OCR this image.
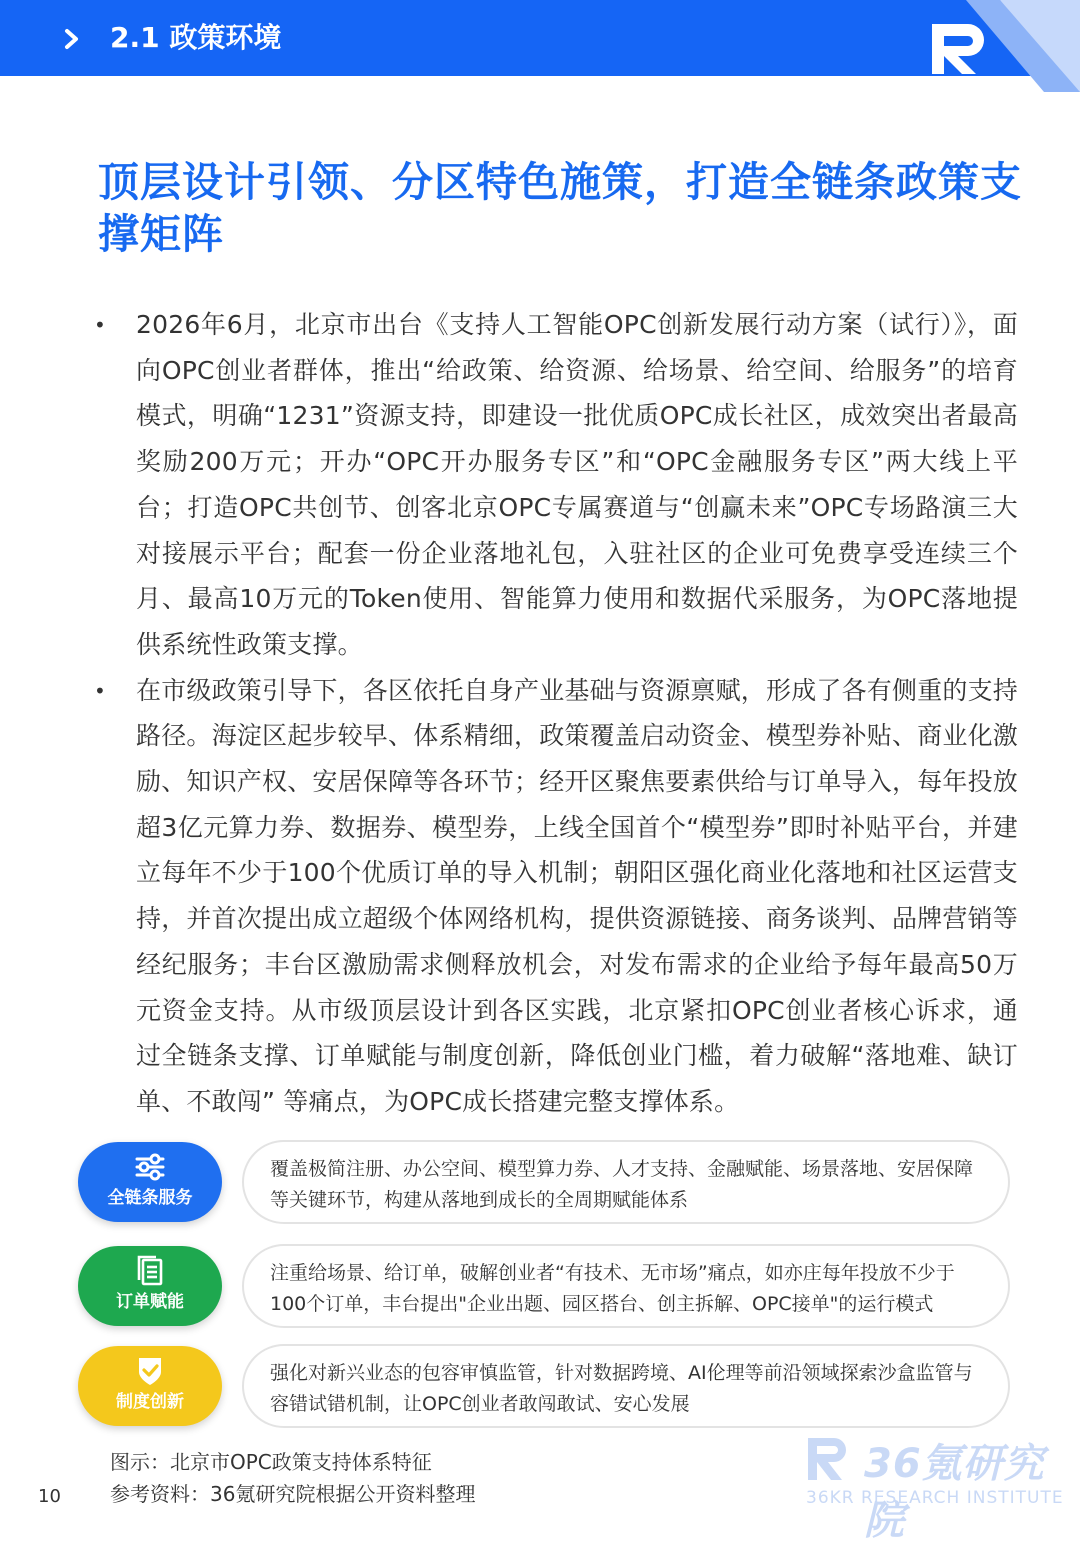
2.1 政策环境
顶层设计引领、分区特色施策，打造全链条政策支撑矩阵
• 2026年6月，北京市出台《支持人工智能OPC创新发展行动方案（试行）》，面向OPC创业者群体，推出“给政策、给资源、给场景、给空间、给服务”的培育模式，明确“1231”资源支持，即建设一批优质OPC成长社区，成效突出者最高奖励200万元；开办“OPC开办服务专区”和“OPC金融服务专区”两大线上平台；打造OPC共创节、创客北京OPC专属赛道与“创赢未来”OPC专场路演三大对接展示平台；配套一份企业落地礼包，入驻社区的企业可免费享受连续三个月、最高10万元的Token使用、智能算力使用和数据代采服务，为OPC落地提供系统性政策支撑。
• 在市级政策引导下，各区依托自身产业基础与资源禀赋，形成了各有侧重的支持路径。海淀区起步较早、体系精细，政策覆盖启动资金、模型券补贴、商业化激励、知识产权、安居保障等各环节；经开区聚焦要素供给与订单导入，每年投放超3亿元算力券、数据券、模型券，上线全国首个“模型券”即时补贴平台，并建立每年不少于100个优质订单的导入机制；朝阳区强化商业化落地和社区运营支持，并首次提出成立超级个体网络机构，提供资源链接、商务谈判、品牌营销等经纪服务；丰台区激励需求侧释放机会，对发布需求的企业给予每年最高50万元资金支持。从市级顶层设计到各区实践，北京紧扣OPC创业者核心诉求，通过全链条支撑、订单赋能与制度创新，降低创业门槛，着力破解“落地难、缺订单、不敢闯” 等痛点，为OPC成长搭建完整支撑体系。
全链条服务
覆盖极简注册、办公空间、模型算力券、人才支持、金融赋能、场景落地、安居保障等关键环节，构建从落地到成长的全周期赋能体系
订单赋能
注重给场景、给订单，破解创业者“有技术、无市场”痛点，如亦庄每年投放不少于100个订单，丰台提出"企业出题、园区搭台、创主拆解、OPC接单"的运行模式
制度创新
强化对新兴业态的包容审慎监管，针对数据跨境、AI伦理等前沿领域探索沙盒监管与容错试错机制，让OPC创业者敢闯敢试、安心发展
图示：北京市OPC政策支持体系特征
参考资料：36氪研究院根据公开资料整理
36氪研究院
36KR RESEARCH INSTITUTE
10
